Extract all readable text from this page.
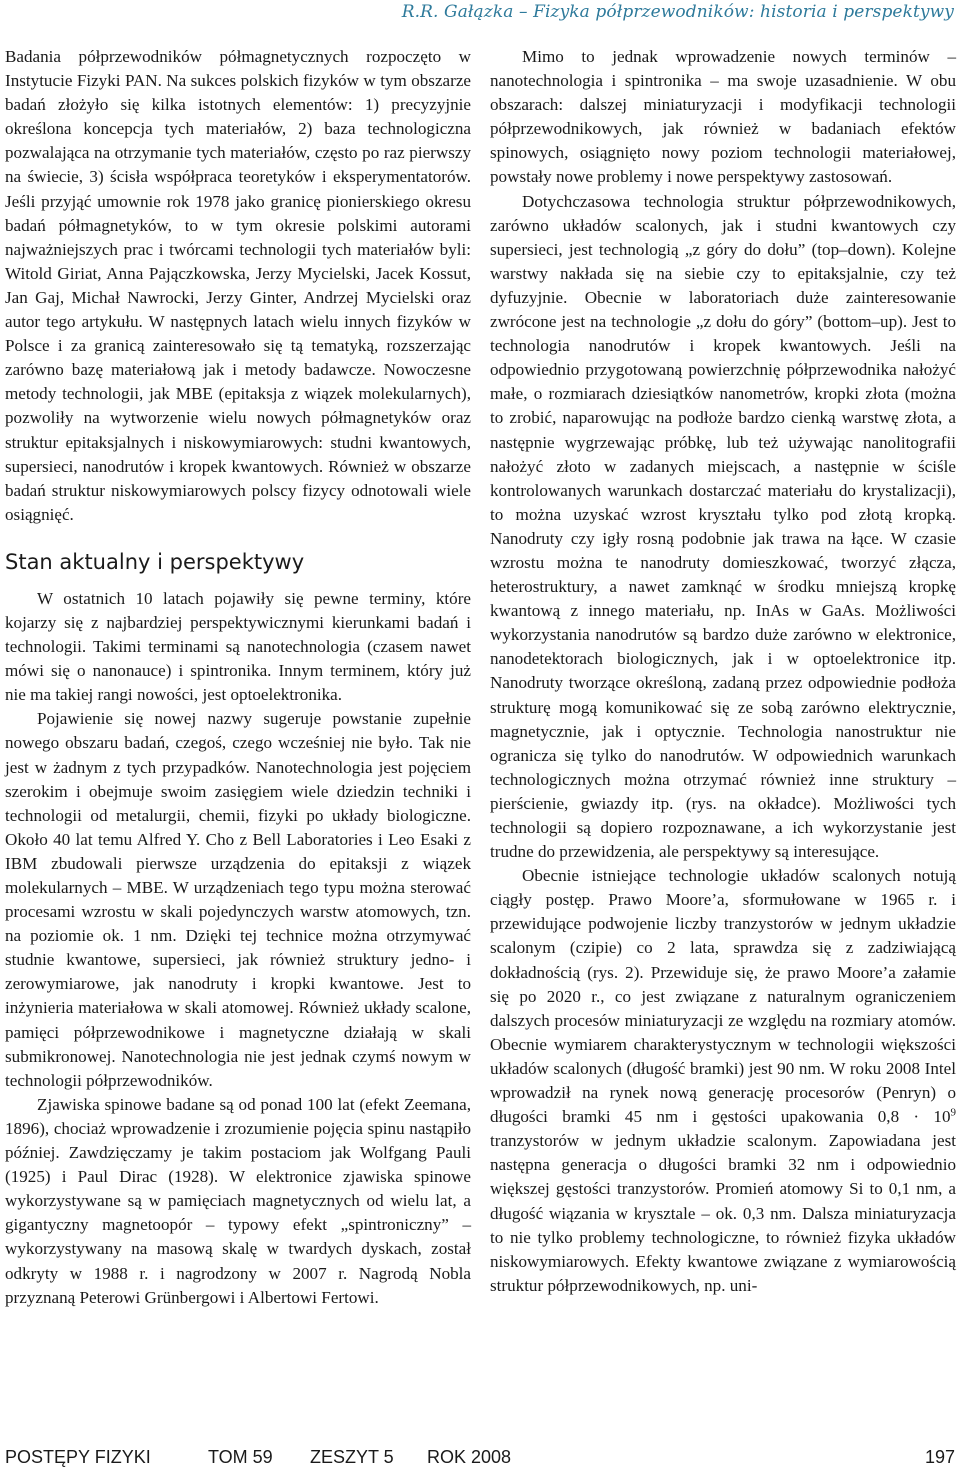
R.R. Gałązka – Fizyka półprzewodników: historia i perspektywy

Badania półprzewodników półmagnetycznych rozpoczęto w Instytucie Fizyki PAN. Na sukces polskich fizyków w tym obszarze badań złożyło się kilka istotnych elementów: 1) precyzyjnie określona koncepcja tych materiałów, 2) baza technologiczna pozwalająca na otrzymanie tych materiałów, często po raz pierwszy na świecie, 3) ścisła współpraca teoretyków i eksperymentatorów. Jeśli przyjąć umownie rok 1978 jako granicę pionierskiego okresu badań półmagnetyków, to w tym okresie polskimi autorami najważniejszych prac i twórcami technologii tych materiałów byli: Witold Giriat, Anna Pajączkowska, Jerzy Mycielski, Jacek Kossut, Jan Gaj, Michał Nawrocki, Jerzy Ginter, Andrzej Mycielski oraz autor tego artykułu. W następnych latach wielu innych fizyków w Polsce i za granicą zainteresowało się tą tematyką, rozszerzając zarówno bazę materiałową jak i metody badawcze. Nowoczesne metody technologii, jak MBE (epitaksja z wiązek molekularnych), pozwoliły na wytworzenie wielu nowych półmagnetyków oraz struktur epitaksjalnych i niskowymiarowych: studni kwantowych, supersieci, nanodrutów i kropek kwantowych. Również w obszarze badań struktur niskowymiarowych polscy fizycy odnotowali wiele osiągnięć.

Stan aktualny i perspektywy

W ostatnich 10 latach pojawiły się pewne terminy, które kojarzy się z najbardziej perspektywicznymi kierunkami badań i technologii. Takimi terminami są nanotechnologia (czasem nawet mówi się o nanonauce) i spintronika. Innym terminem, który już nie ma takiej rangi nowości, jest optoelektronika.

Pojawienie się nowej nazwy sugeruje powstanie zupełnie nowego obszaru badań, czegoś, czego wcześniej nie było. Tak nie jest w żadnym z tych przypadków. Nanotechnologia jest pojęciem szerokim i obejmuje swoim zasięgiem wiele dziedzin techniki i technologii od metalurgii, chemii, fizyki po układy biologiczne. Około 40 lat temu Alfred Y. Cho z Bell Laboratories i Leo Esaki z IBM zbudowali pierwsze urządzenia do epitaksji z wiązek molekularnych – MBE. W urządzeniach tego typu można sterować procesami wzrostu w skali pojedynczych warstw atomowych, tzn. na poziomie ok. 1 nm. Dzięki tej technice można otrzymywać studnie kwantowe, supersieci, jak również struktury jedno- i zerowymiarowe, jak nanodruty i kropki kwantowe. Jest to inżynieria materiałowa w skali atomowej. Również układy scalone, pamięci półprzewodnikowe i magnetyczne działają w skali submikronowej. Nanotechnologia nie jest jednak czymś nowym w technologii półprzewodników.

Zjawiska spinowe badane są od ponad 100 lat (efekt Zeemana, 1896), chociaż wprowadzenie i zrozumienie pojęcia spinu nastąpiło później. Zawdzięczamy je takim postaciom jak Wolfgang Pauli (1925) i Paul Dirac (1928). W elektronice zjawiska spinowe wykorzystywane są w pamięciach magnetycznych od wielu lat, a gigantyczny magnetoopór – typowy efekt „spintroniczny” – wykorzystywany na masową skalę w twardych dyskach, został odkryty w 1988 r. i nagrodzony w 2007 r. Nagrodą Nobla przyznaną Peterowi Grünbergowi i Albertowi Fertowi.

Mimo to jednak wprowadzenie nowych terminów – nanotechnologia i spintronika – ma swoje uzasadnienie. W obu obszarach: dalszej miniaturyzacji i modyfikacji technologii półprzewodnikowych, jak również w badaniach efektów spinowych, osiągnięto nowy poziom technologii materiałowej, powstały nowe problemy i nowe perspektywy zastosowań.

Dotychczasowa technologia struktur półprzewodnikowych, zarówno układów scalonych, jak i studni kwantowych czy supersieci, jest technologią „z góry do dołu” (top–down). Kolejne warstwy nakłada się na siebie czy to epitaksjalnie, czy też dyfuzyjnie. Obecnie w laboratoriach duże zainteresowanie zwrócone jest na technologie „z dołu do góry” (bottom–up). Jest to technologia nanodrutów i kropek kwantowych. Jeśli na odpowiednio przygotowaną powierzchnię półprzewodnika nałożyć małe, o rozmiarach dziesiątków nanometrów, kropki złota (można to zrobić, naparowując na podłoże bardzo cienką warstwę złota, a następnie wygrzewając próbkę, lub też używając nanolitografii nałożyć złoto w zadanych miejscach, a następnie w ściśle kontrolowanych warunkach dostarczać materiału do krystalizacji), to można uzyskać wzrost kryształu tylko pod złotą kropką. Nanodruty czy igły rosną podobnie jak trawa na łące. W czasie wzrostu można te nanodruty domieszkować, tworzyć złącza, heterostruktury, a nawet zamknąć w środku mniejszą kropkę kwantową z innego materiału, np. InAs w GaAs. Możliwości wykorzystania nanodrutów są bardzo duże zarówno w elektronice, nanodetektorach biologicznych, jak i w optoelektronice itp. Nanodruty tworzące określoną, zadaną przez odpowiednie podłoża strukturę mogą komunikować się ze sobą zarówno elektrycznie, magnetycznie, jak i optycznie. Technologia nanostruktur nie ogranicza się tylko do nanodrutów. W odpowiednich warunkach technologicznych można otrzymać również inne struktury – pierścienie, gwiazdy itp. (rys. na okładce). Możliwości tych technologii są dopiero rozpoznawane, a ich wykorzystanie jest trudne do przewidzenia, ale perspektywy są interesujące.

Obecnie istniejące technologie układów scalonych notują ciągły postęp. Prawo Moore’a, sformułowane w 1965 r. i przewidujące podwojenie liczby tranzystorów w jednym układzie scalonym (czipie) co 2 lata, sprawdza się z zadziwiającą dokładnością (rys. 2). Przewiduje się, że prawo Moore’a załamie się po 2020 r., co jest związane z naturalnym ograniczeniem dalszych procesów miniaturyzacji ze względu na rozmiary atomów. Obecnie wymiarem charakterystycznym w technologii większości układów scalonych (długość bramki) jest 90 nm. W roku 2008 Intel wprowadził na rynek nową generację procesorów (Penryn) o długości bramki 45 nm i gęstości upakowania $0,8 \cdot 10^9$ tranzystorów w jednym układzie scalonym. Zapowiadana jest następna generacja o długości bramki 32 nm i odpowiednio większej gęstości tranzystorów. Promień atomowy Si to 0,1 nm, a długość wiązania w krysztale – ok. 0,3 nm. Dalsza miniaturyzacja to nie tylko problemy technologiczne, to również fizyka układów niskowymiarowych. Efekty kwantowe związane z wymiarowością struktur półprzewodnikowych, np. uni-

POSTĘPY FIZYKI	TOM 59 ZESZYT 5 ROK 2008	197
